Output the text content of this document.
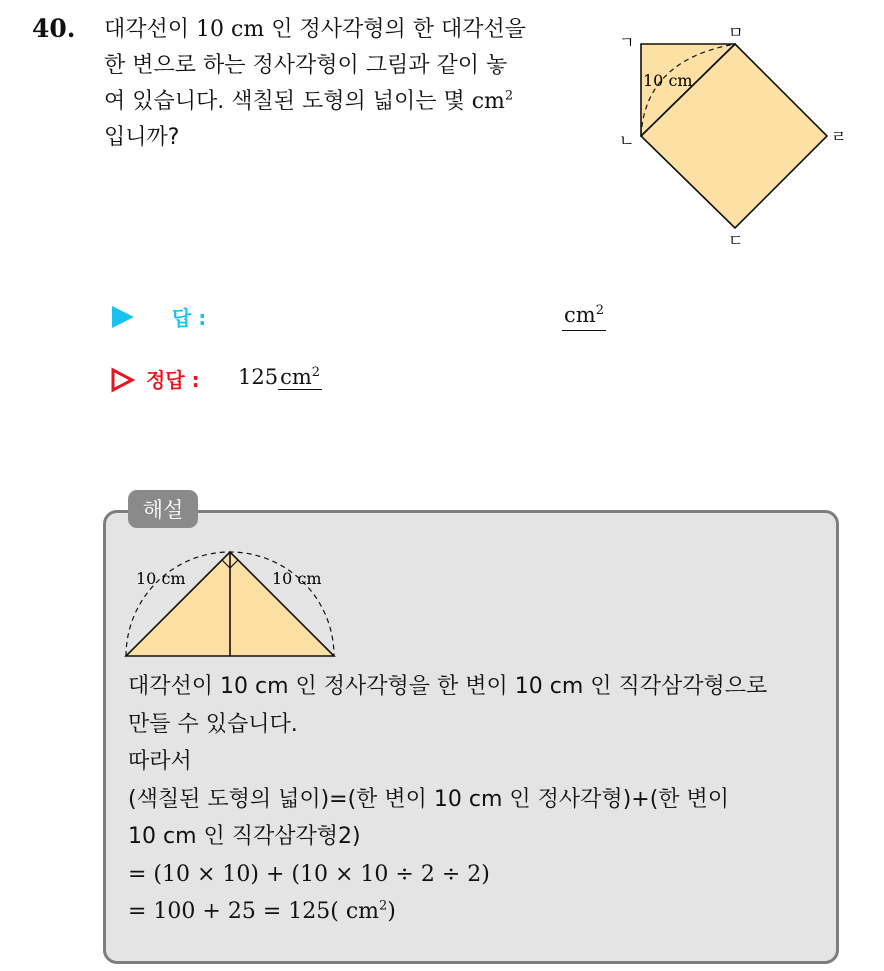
40. 대각선이 10 cm 인 정사각형의 한 대각선을
한 변으로 하는 정사각형이 그림과 같이 놓
여 있습니다. 색칠된 도형의 넓이는 몇 $cm^2$
입니까?
ㄱ
ㄴ
ㄷ
ㄹ
ㅁ
10 cm
답 :	$cm^2$
정답 : $125cm^2$
해설
10 cm	10 cm
대각선이 10 cm 인 정사각형을 한 변이 10 cm 인 직각삼각형으로
만들 수 있습니다.
따라서
(색칠된 도형의 넓이)=(한 변이 10 cm 인 정사각형)+(한 변이
10 cm 인 직각삼각형2)
= (10 × 10) + (10 × 10 ÷ 2 ÷ 2)
= 100 + 25 = 125( $cm^2$)
